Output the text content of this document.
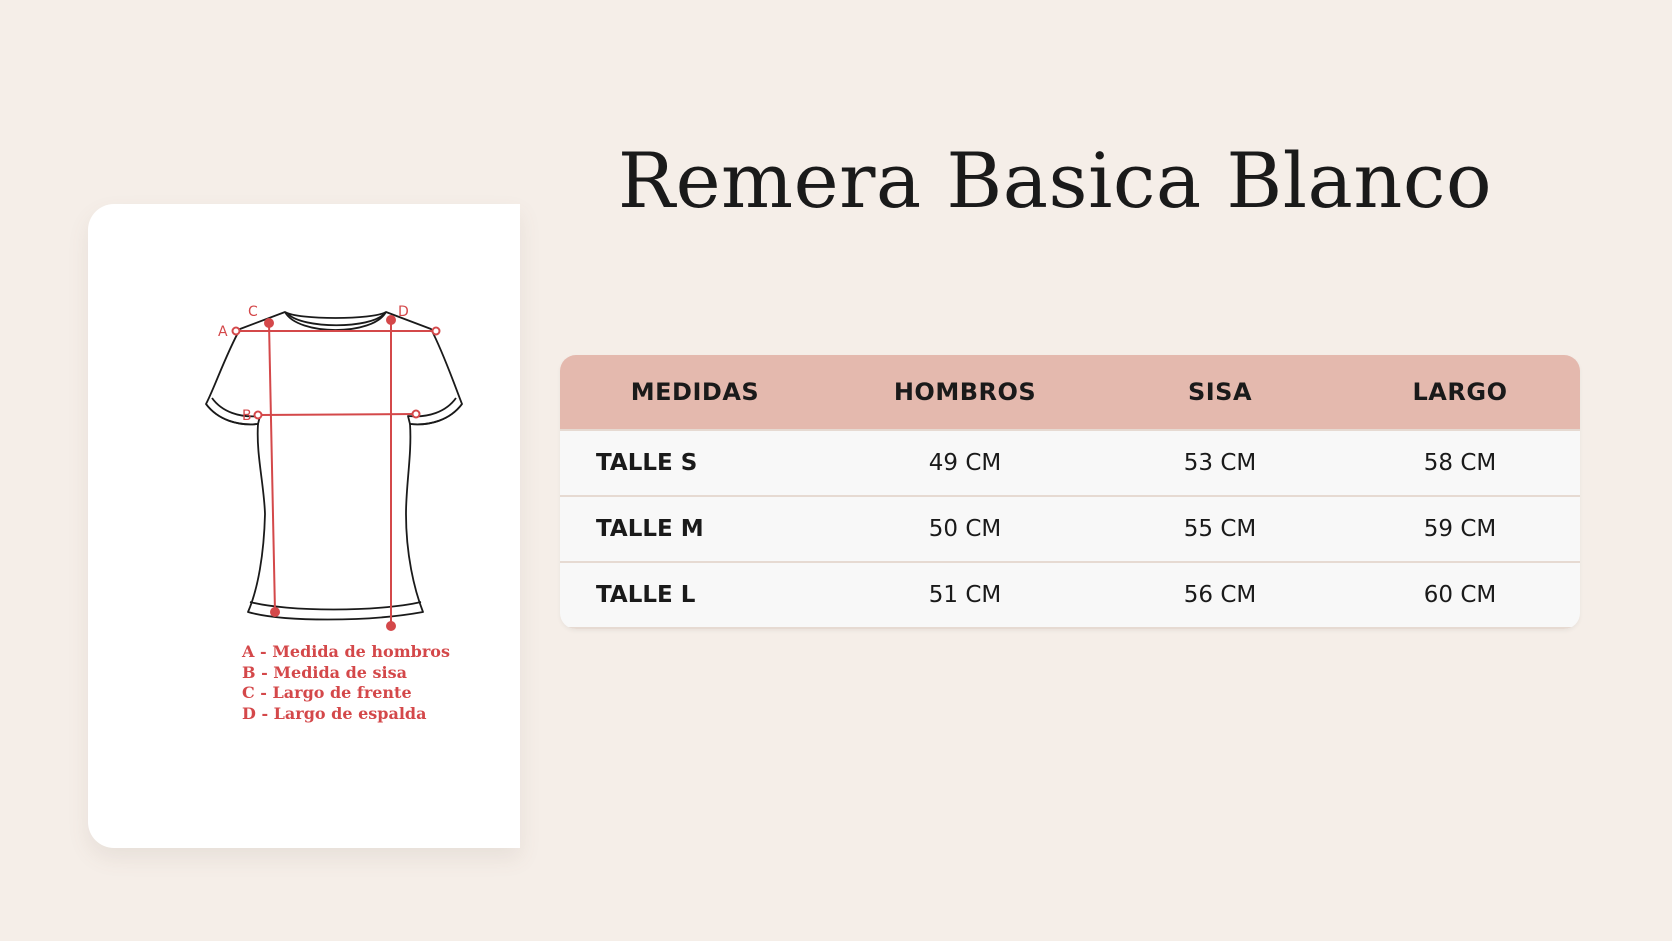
A
B
C	D
A - Medida de hombros
B - Medida de sisa
C - Largo de frente
D - Largo de espalda
Remera Basica Blanco
MEDIDAS	HOMBROS	SISA	LARGO
TALLE S	49 CM	53 CM	58 CM
TALLE M	50 CM	55 CM	59 CM
TALLE L	51 CM	56 CM	60 CM
